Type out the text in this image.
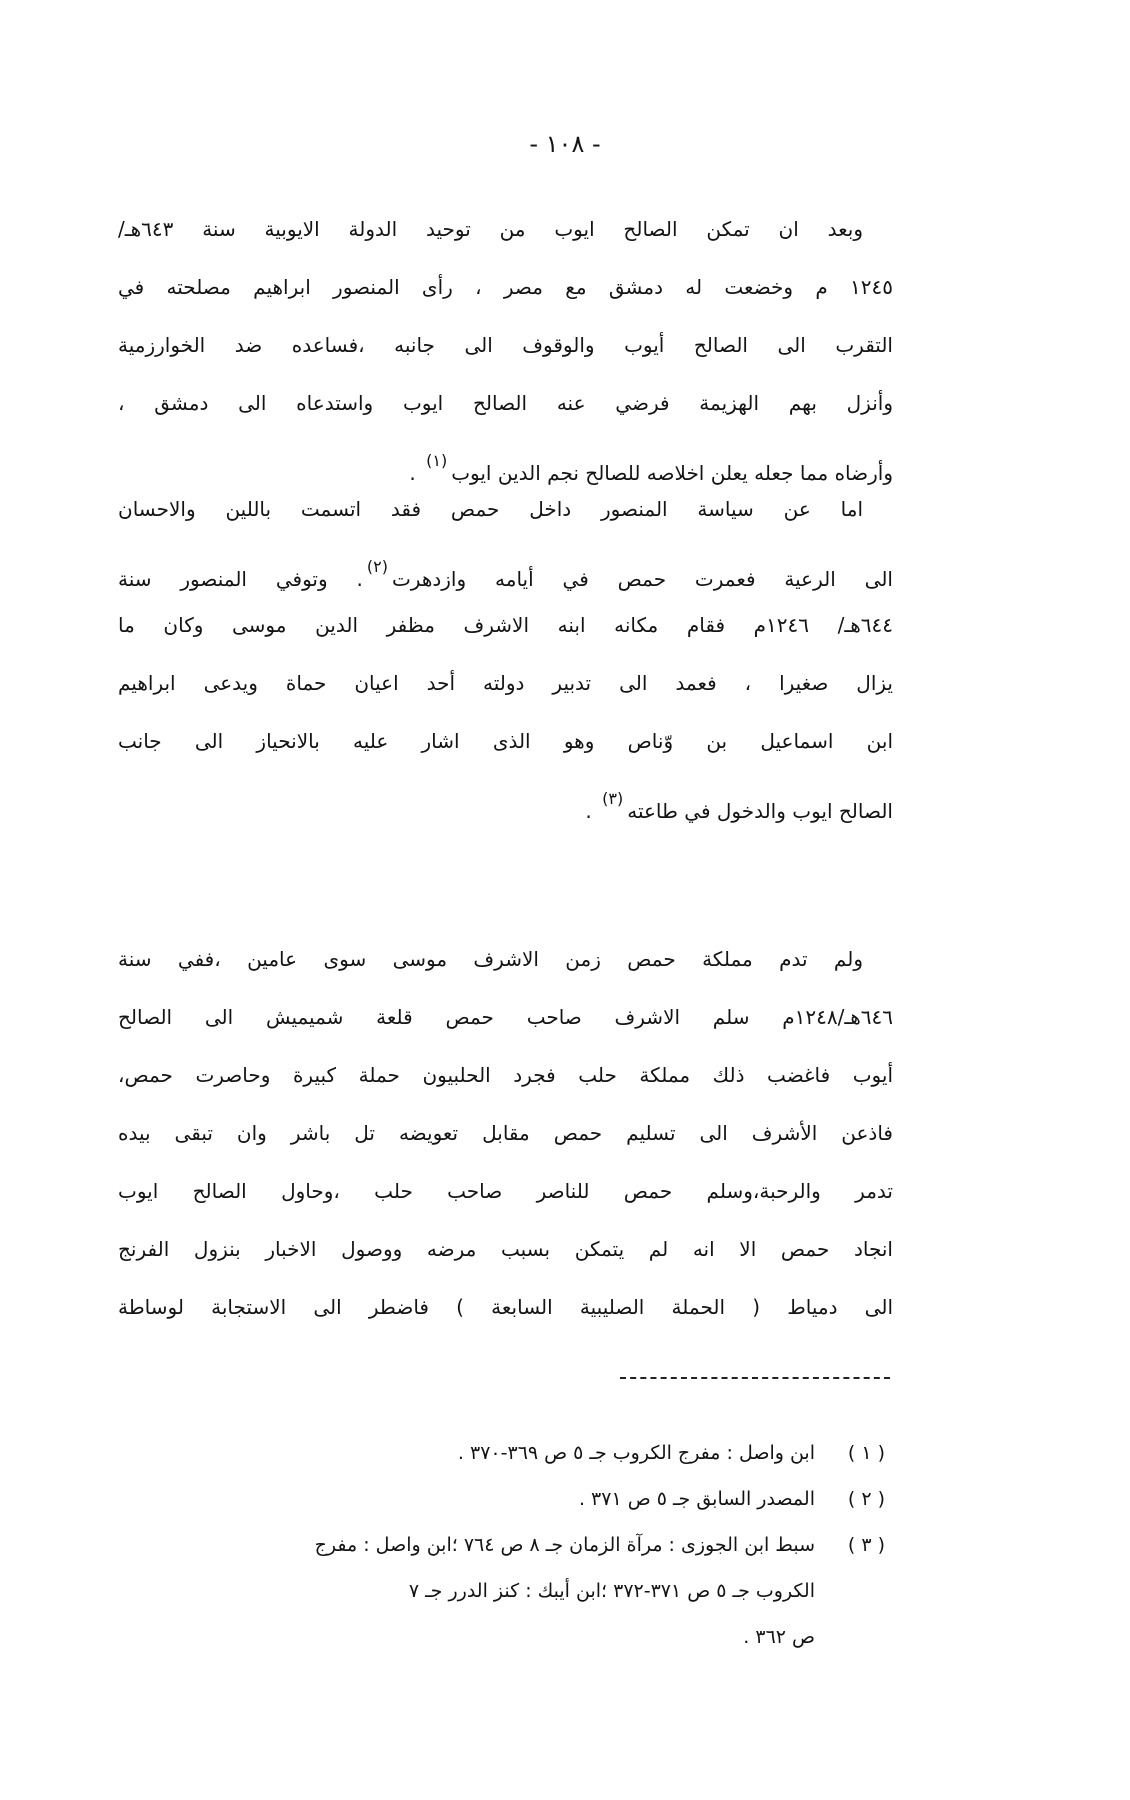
- ١٠٨ -
وبعد ان تمكن الصالح ايوب من توحيد الدولة الايوبية سنة ٦٤٣هـ/
١٢٤٥ م وخضعت له دمشق مع مصر ، رأى المنصور ابراهيم مصلحته في
التقرب الى الصالح أيوب والوقوف الى جانبه ،فساعده ضد الخوارزمية
وأنزل بهم الهزيمة فرضي عنه الصالح ايوب واستدعاه الى دمشق ،
وأرضاه مما جعله يعلن اخلاصه للصالح نجم الدين ايوب$^{(١)}$ .
اما عن سياسة المنصور داخل حمص فقد اتسمت باللين والاحسان
الى الرعية فعمرت حمص في أيامه وازدهرت$^{(٢)}$. وتوفي المنصور سنة
٦٤٤هـ/ ١٢٤٦م فقام مكانه ابنه الاشرف مظفر الدين موسى وكان ما
يزال صغيرا ، فعمد الى تدبير دولته أحد اعيان حماة ويدعى ابراهيم
ابن اسماعيل بن وّناص وهو الذى اشار عليه بالانحياز الى جانب
الصالح ايوب والدخول في طاعته$^{(٣)}$ .
ولم تدم مملكة حمص زمن الاشرف موسى سوى عامين ،ففي سنة
٦٤٦هـ/١٢٤٨م سلم الاشرف صاحب حمص قلعة شميميش الى الصالح
أيوب فاغضب ذلك مملكة حلب فجرد الحلبيون حملة كبيرة وحاصرت حمص،
فاذعن الأشرف الى تسليم حمص مقابل تعويضه تل باشر وان تبقى بيده
تدمر والرحبة،وسلم حمص للناصر صاحب حلب ،وحاول الصالح ايوب
انجاد حمص الا انه لم يتمكن بسبب مرضه ووصول الاخبار بنزول الفرنج
الى دمياط ( الحملة الصليبية السابعة ) فاضطر الى الاستجابة لوساطة
( ١ )
ابن واصل : مفرج الكروب جـ ٥ ص ٣٦٩-٣٧٠ .
( ٢ )
المصدر السابق جـ ٥ ص ٣٧١ .
( ٣ )
سبط ابن الجوزى : مرآة الزمان جـ ٨ ص ٧٦٤ ؛ابن واصل : مفرج
الكروب جـ ٥ ص ٣٧١-٣٧٢ ؛ابن أيبك : كنز الدرر جـ ٧
ص ٣٦٢ .
